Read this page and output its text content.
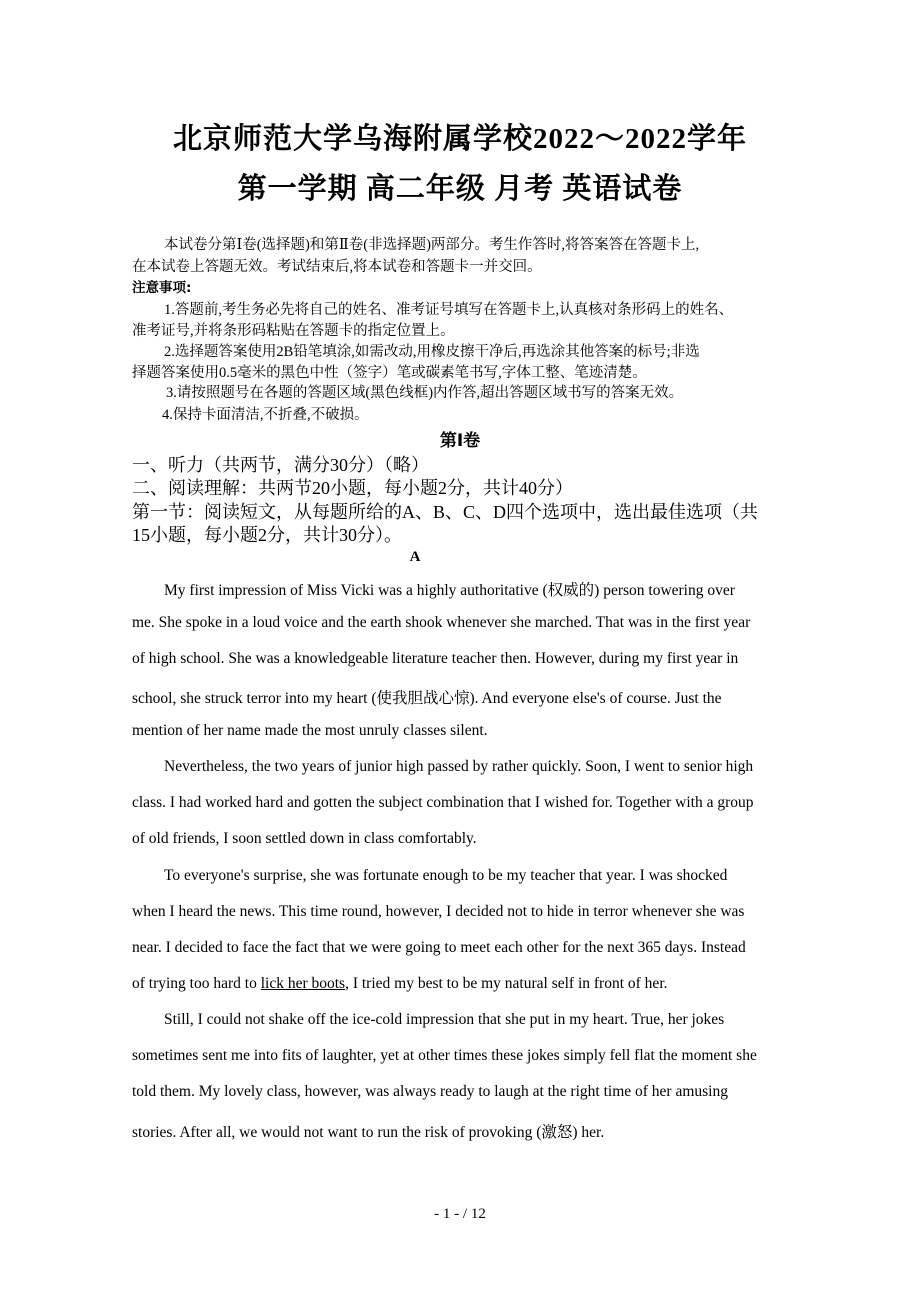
北京师范大学乌海附属学校2022～2022学年
第一学期 高二年级 月考 英语试卷
第Ⅰ卷
A
- 1 - / 12
本试卷分第Ⅰ卷(选择题)和第Ⅱ卷(非选择题)两部分。考生作答时,将答案答在答题卡上,
在本试卷上答题无效。考试结束后,将本试卷和答题卡一并交回。
注意事项:
1.答题前,考生务必先将自己的姓名、准考证号填写在答题卡上,认真核对条形码上的姓名、
准考证号,并将条形码粘贴在答题卡的指定位置上。
2.选择题答案使用2B铅笔填涂,如需改动,用橡皮擦干净后,再选涂其他答案的标号;非选
择题答案使用0.5毫米的黑色中性（签字）笔或碳素笔书写,字体工整、笔迹清楚。
3.请按照题号在各题的答题区域(黑色线框)内作答,超出答题区域书写的答案无效。
4.保持卡面清洁,不折叠,不破损。
一、听力（共两节，满分30分）（略）
二、阅读理解：共两节20小题，每小题2分，共计40分）
第一节：阅读短文，从每题所给的A、B、C、D四个选项中，选出最佳选项（共
15小题，每小题2分，共计30分）。
My first impression of Miss Vicki was a highly authoritative (权威的) person towering over
me. She spoke in a loud voice and the earth shook whenever she marched. That was in the first year
of high school. She was a knowledgeable literature teacher then. However, during my first year in
school, she struck terror into my heart (使我胆战心惊). And everyone else's of course. Just the
mention of her name made the most unruly classes silent.
Nevertheless, the two years of junior high passed by rather quickly. Soon, I went to senior high
class. I had worked hard and gotten the subject combination that I wished for. Together with a group
of old friends, I soon settled down in class comfortably.
To everyone's surprise, she was fortunate enough to be my teacher that year. I was shocked
when I heard the news. This time round, however, I decided not to hide in terror whenever she was
near. I decided to face the fact that we were going to meet each other for the next 365 days. Instead
Still, I could not shake off the ice-cold impression that she put in my heart. True, her jokes
sometimes sent me into fits of laughter, yet at other times these jokes simply fell flat the moment she
told them. My lovely class, however, was always ready to laugh at the right time of her amusing
stories. After all, we would not want to run the risk of provoking (激怒) her.
of trying too hard to lick her boots, I tried my best to be my natural self in front of her.
